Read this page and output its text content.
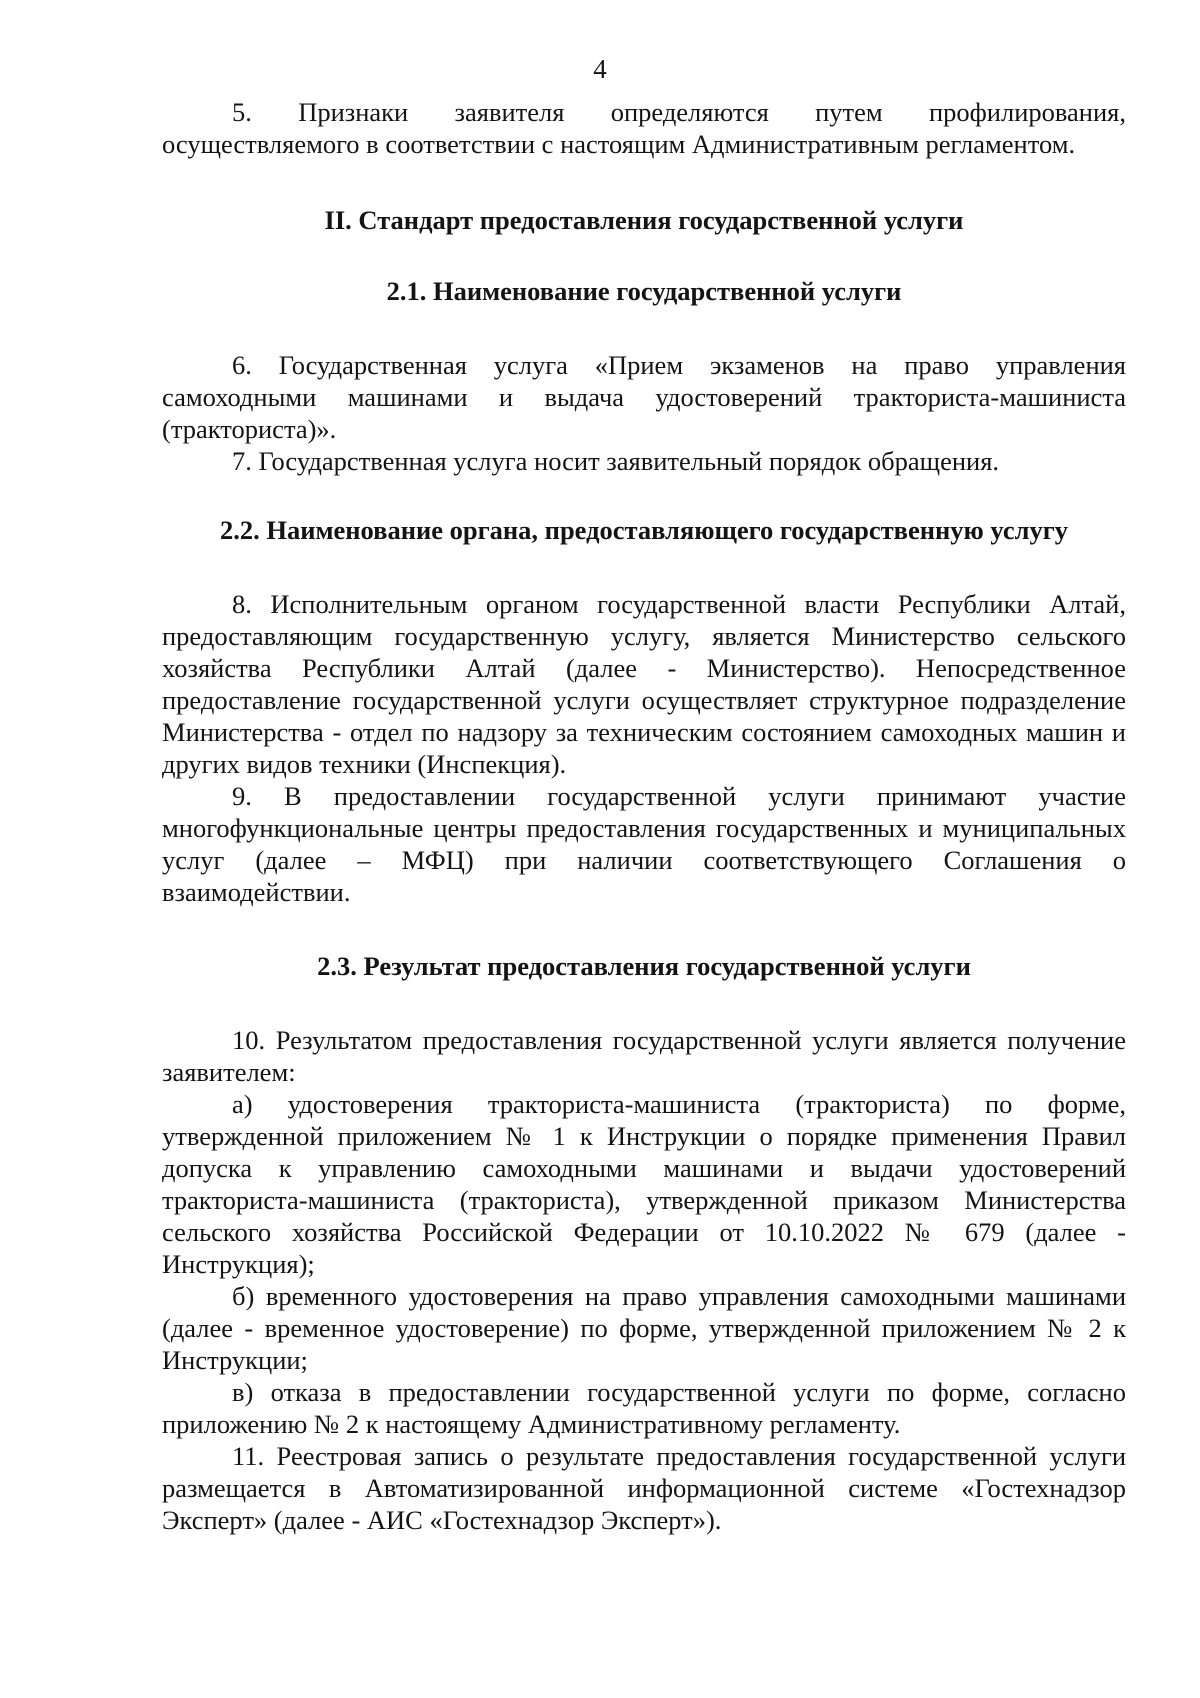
4

5. Признаки заявителя определяются путем профилирования, осуществляемого в соответствии с настоящим Административным регламентом.

II. Стандарт предоставления государственной услуги
2.1. Наименование государственной услуги

6. Государственная услуга «Прием экзаменов на право управления самоходными машинами и выдача удостоверений тракториста-машиниста (тракториста)».

7. Государственная услуга носит заявительный порядок обращения.

2.2. Наименование органа, предоставляющего государственную услугу

8. Исполнительным органом государственной власти Республики Алтай, предоставляющим государственную услугу, является Министерство сельского хозяйства Республики Алтай (далее - Министерство). Непосредственное предоставление государственной услуги осуществляет структурное подразделение Министерства - отдел по надзору за техническим состоянием самоходных машин и других видов техники (Инспекция).

9. В предоставлении государственной услуги принимают участие многофункциональные центры предоставления государственных и муниципальных услуг (далее – МФЦ) при наличии соответствующего Соглашения о взаимодействии.

2.3. Результат предоставления государственной услуги

10. Результатом предоставления государственной услуги является получение заявителем:

а) удостоверения тракториста-машиниста (тракториста) по форме, утвержденной приложением № 1 к Инструкции о порядке применения Правил допуска к управлению самоходными машинами и выдачи удостоверений тракториста-машиниста (тракториста), утвержденной приказом Министерства сельского хозяйства Российской Федерации от 10.10.2022 № 679 (далее - Инструкция);

б) временного удостоверения на право управления самоходными машинами (далее - временное удостоверение) по форме, утвержденной приложением № 2 к Инструкции;

в) отказа в предоставлении государственной услуги по форме, согласно приложению № 2 к настоящему Административному регламенту.

11. Реестровая запись о результате предоставления государственной услуги размещается в Автоматизированной информационной системе «Гостехнадзор Эксперт» (далее - АИС «Гостехнадзор Эксперт»).
